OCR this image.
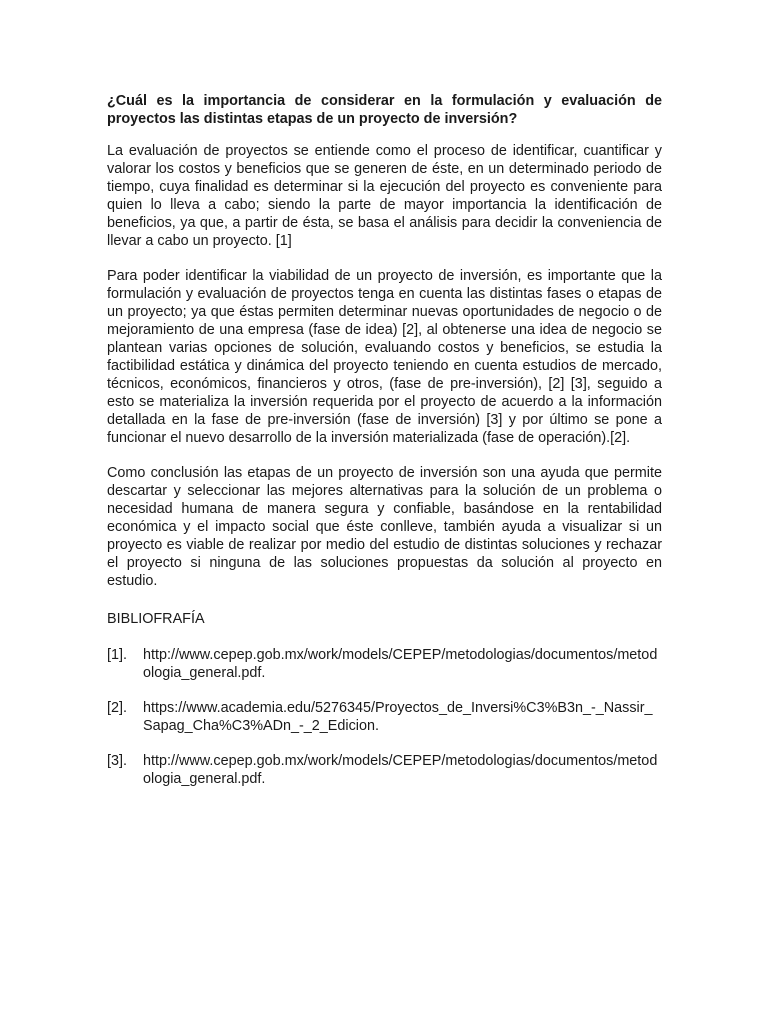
¿Cuál es la importancia de considerar en la formulación y evaluación de proyectos las distintas etapas de un proyecto de inversión?

La evaluación de proyectos se entiende como el proceso de identificar, cuantificar y valorar los costos y beneficios que se generen de éste, en un determinado periodo de tiempo, cuya finalidad es determinar si la ejecución del proyecto es conveniente para quien lo lleva a cabo; siendo la parte de mayor importancia la identificación de beneficios, ya que, a partir de ésta, se basa el análisis para decidir la conveniencia de llevar a cabo un proyecto. [1]

Para poder identificar la viabilidad de un proyecto de inversión, es importante que la formulación y evaluación de proyectos tenga en cuenta las distintas fases o etapas de un proyecto; ya que éstas permiten determinar nuevas oportunidades de negocio o de mejoramiento de una empresa (fase de idea) [2], al obtenerse una idea de negocio se plantean varias opciones de solución, evaluando costos y beneficios, se estudia la factibilidad estática y dinámica del proyecto teniendo en cuenta estudios de mercado, técnicos, económicos, financieros y otros, (fase de pre-inversión), [2] [3], seguido a esto se materializa la inversión requerida por el proyecto de acuerdo a la información detallada en la fase de pre-inversión (fase de inversión) [3] y por último se pone a funcionar el nuevo desarrollo de la inversión materializada (fase de operación).[2].

Como conclusión las etapas de un proyecto de inversión son una ayuda que permite descartar y seleccionar las mejores alternativas para la solución de un problema o necesidad humana de manera segura y confiable, basándose en la rentabilidad económica y el impacto social que éste conlleve, también ayuda a visualizar si un proyecto es viable de realizar por medio del estudio de distintas soluciones y rechazar el proyecto si ninguna de las soluciones propuestas da solución al proyecto en estudio.

BIBLIOFRAFÍA
[1]. http://www.cepep.gob.mx/work/models/CEPEP/metodologias/documentos/metodologia_general.pdf.
[2]. https://www.academia.edu/5276345/Proyectos_de_Inversi%C3%B3n_-_Nassir_Sapag_Cha%C3%ADn_-_2_Edicion.
[3]. http://www.cepep.gob.mx/work/models/CEPEP/metodologias/documentos/metodologia_general.pdf.
